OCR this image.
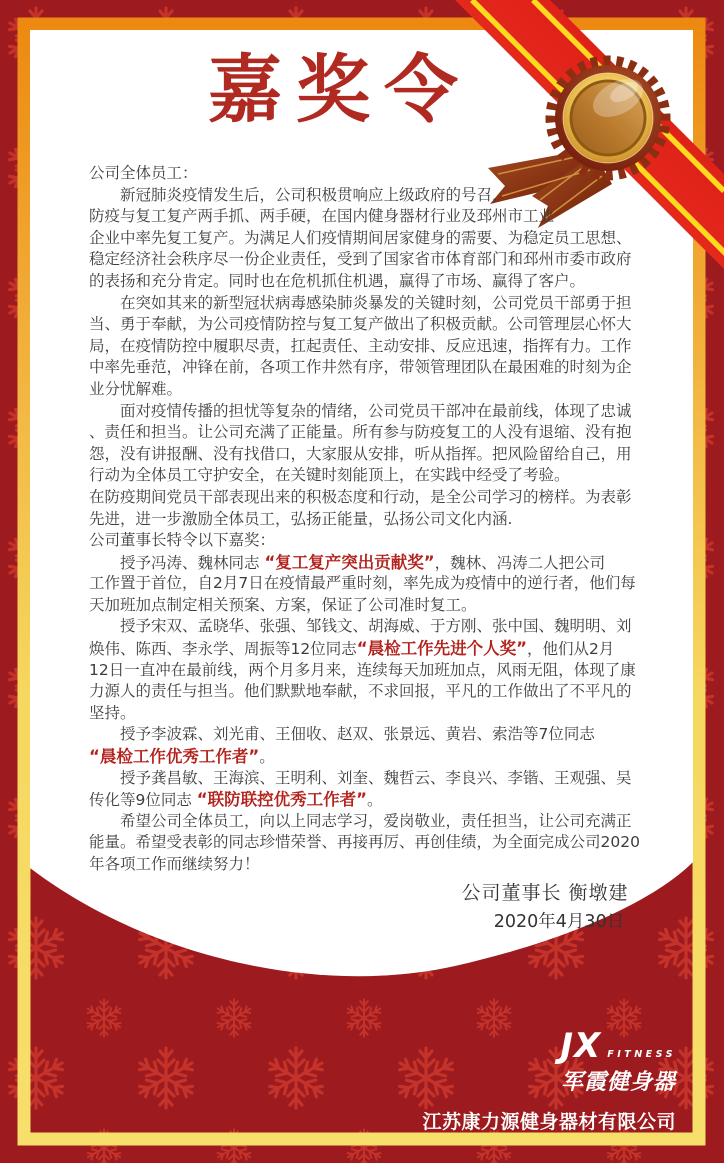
嘉奖令
公司全体员工：
　　新冠肺炎疫情发生后，公司积极贯响应上级政府的号召，
防疫与复工复产两手抓、两手硬，在国内健身器材行业及邳州市工业
企业中率先复工复产。为满足人们疫情期间居家健身的需要、为稳定员工思想、
稳定经济社会秩序尽一份企业责任，受到了国家省市体育部门和邳州市委市政府
的表扬和充分肯定。同时也在危机抓住机遇，赢得了市场、赢得了客户。
　　在突如其来的新型冠状病毒感染肺炎暴发的关键时刻，公司党员干部勇于担
当、勇于奉献，为公司疫情防控与复工复产做出了积极贡献。公司管理层心怀大
局，在疫情防控中履职尽责，扛起责任、主动安排、反应迅速，指挥有力。工作
中率先垂范，冲锋在前，各项工作井然有序，带领管理团队在最困难的时刻为企
业分忧解难。
　　面对疫情传播的担忧等复杂的情绪，公司党员干部冲在最前线，体现了忠诚
、责任和担当。让公司充满了正能量。所有参与防疫复工的人没有退缩、没有抱
怨，没有讲报酬、没有找借口，大家服从安排，听从指挥。把风险留给自己，用
行动为全体员工守护安全，在关键时刻能顶上，在实践中经受了考验。
在防疫期间党员干部表现出来的积极态度和行动，是全公司学习的榜样。为表彰
先进，进一步激励全体员工，弘扬正能量，弘扬公司文化内涵.
公司董事长特令以下嘉奖：
　　授予冯涛、魏林同志 “复工复产突出贡献奖”，魏林、冯涛二人把公司
工作置于首位，自2月7日在疫情最严重时刻，率先成为疫情中的逆行者，他们每
天加班加点制定相关预案、方案，保证了公司准时复工。
　　授予宋双、孟晓华、张强、邹钱文、胡海威、于方刚、张中国、魏明明、刘
焕伟、陈西、李永学、周振等12位同志“晨检工作先进个人奖”，他们从2月
12日一直冲在最前线，两个月多月来，连续每天加班加点，风雨无阻，体现了康
力源人的责任与担当。他们默默地奉献，不求回报，平凡的工作做出了不平凡的
坚持。
　　授予李波霖、刘光甫、王佃收、赵双、张景远、黄岩、索浩等7位同志
“晨检工作优秀工作者”。
　　授予龚昌敏、王海滨、王明利、刘奎、魏哲云、李良兴、李锴、王观强、吴
传化等9位同志 “联防联控优秀工作者”。
　　希望公司全体员工，向以上同志学习，爱岗敬业，责任担当，让公司充满正
能量。希望受表彰的同志珍惜荣誉、再接再厉、再创佳绩，为全面完成公司2020
年各项工作而继续努力！
公司董事长 衡墩建
2020年4月30日
JX FITNESS
军霞健身器
江苏康力源健身器材有限公司
